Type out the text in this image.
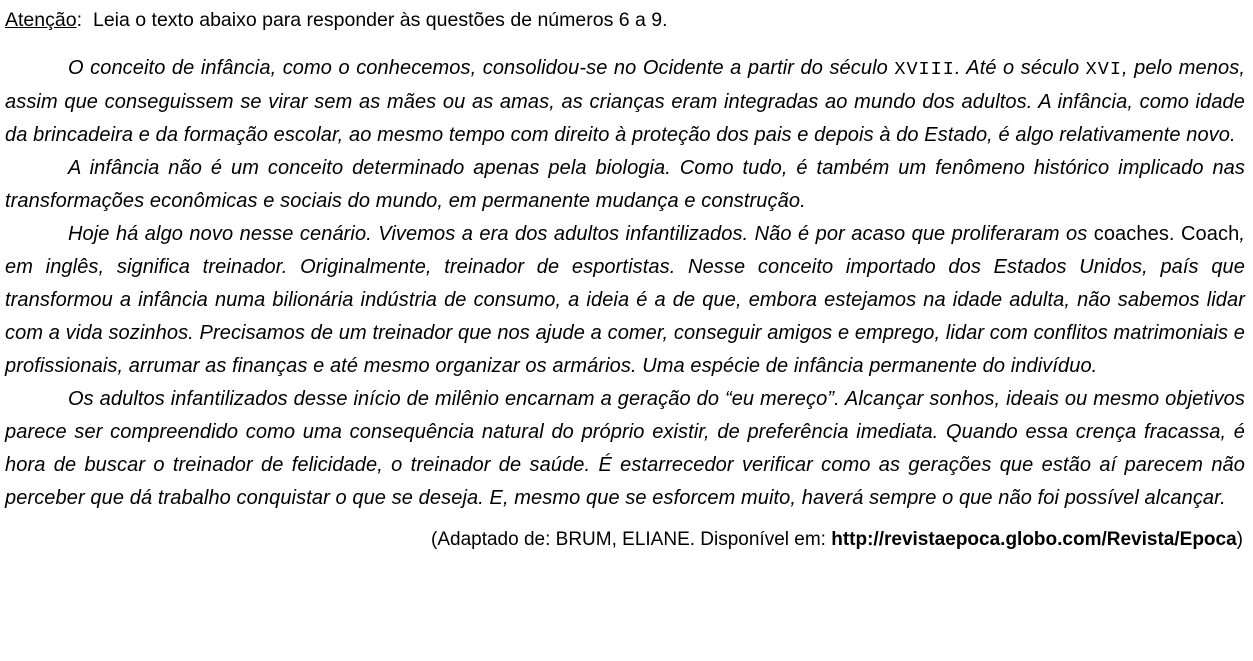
Atenção: Leia o texto abaixo para responder às questões de números 6 a 9.

O conceito de infância, como o conhecemos, consolidou-se no Ocidente a partir do século XVIII. Até o século XVI, pelo menos, assim que conseguissem se virar sem as mães ou as amas, as crianças eram integradas ao mundo dos adultos. A infância, como idade da brincadeira e da formação escolar, ao mesmo tempo com direito à proteção dos pais e depois à do Estado, é algo relativamente novo.

A infância não é um conceito determinado apenas pela biologia. Como tudo, é também um fenômeno histórico implicado nas transformações econômicas e sociais do mundo, em permanente mudança e construção.

Hoje há algo novo nesse cenário. Vivemos a era dos adultos infantilizados. Não é por acaso que proliferaram os coaches. Coach, em inglês, significa treinador. Originalmente, treinador de esportistas. Nesse conceito importado dos Estados Unidos, país que transformou a infância numa bilionária indústria de consumo, a ideia é a de que, embora estejamos na idade adulta, não sabemos lidar com a vida sozinhos. Precisamos de um treinador que nos ajude a comer, conseguir amigos e emprego, lidar com conflitos matrimoniais e profissionais, arrumar as finanças e até mesmo organizar os armários. Uma espécie de infância permanente do indivíduo.

Os adultos infantilizados desse início de milênio encarnam a geração do “eu mereço”. Alcançar sonhos, ideais ou mesmo objetivos parece ser compreendido como uma consequência natural do próprio existir, de preferência imediata. Quando essa crença fracassa, é hora de buscar o treinador de felicidade, o treinador de saúde. É estarrecedor verificar como as gerações que estão aí parecem não perceber que dá trabalho conquistar o que se deseja. E, mesmo que se esforcem muito, haverá sempre o que não foi possível alcançar.

(Adaptado de: BRUM, ELIANE. Disponível em: http://revistaepoca.globo.com/Revista/Epoca)
